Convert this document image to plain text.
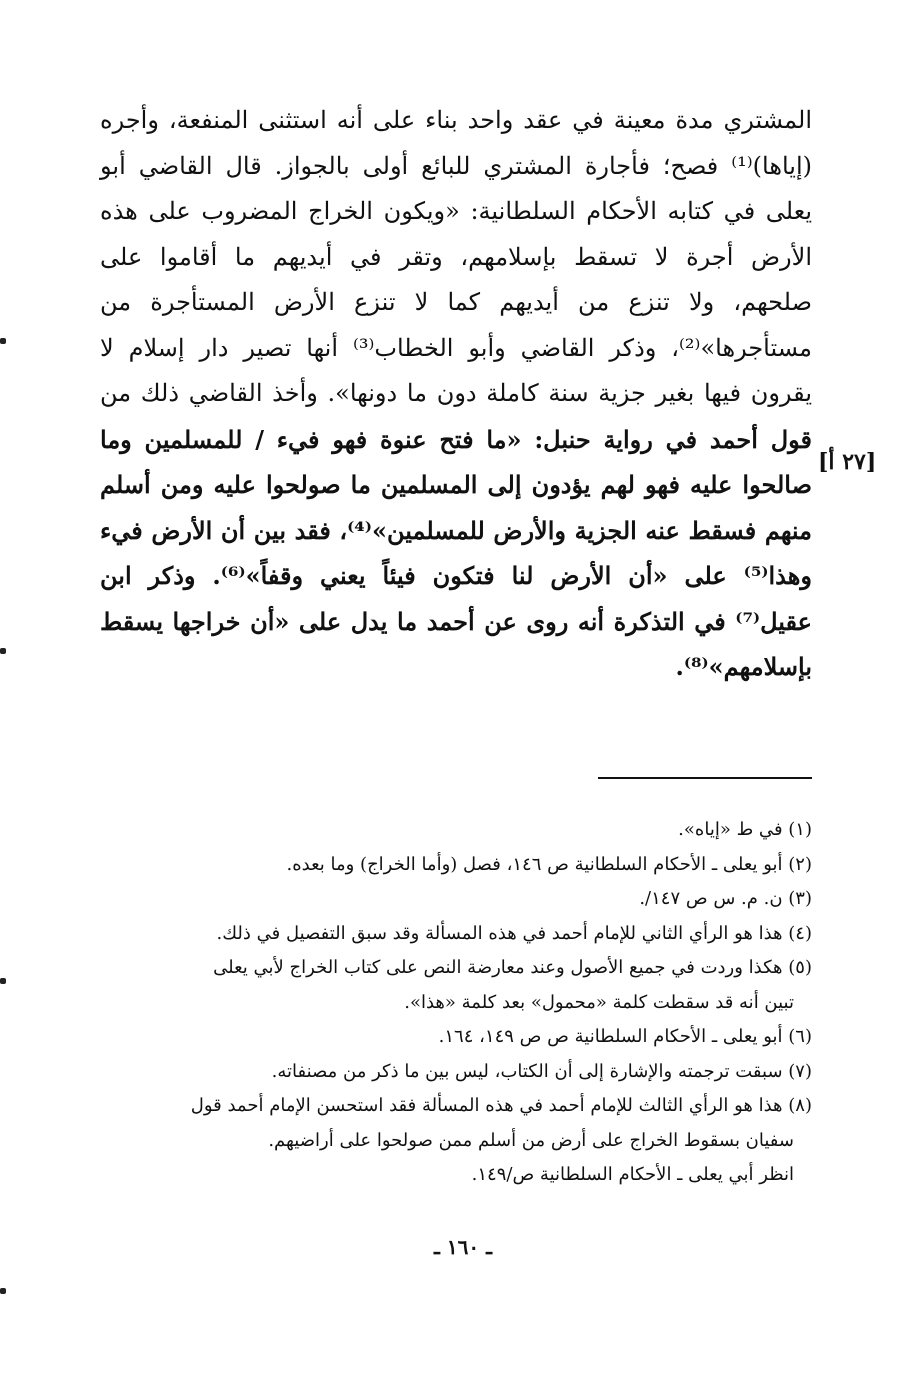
المشتري مدة معينة في عقد واحد بناء على أنه استثنى المنفعة، وأجره
(إياها)⁽¹⁾ فصح؛ فأجارة المشتري للبائع أولى بالجواز. قال القاضي أبو
يعلى في كتابه الأحكام السلطانية: «ويكون الخراج المضروب على هذه
الأرض أجرة لا تسقط بإسلامهم، وتقر في أيديهم ما أقاموا على
صلحهم، ولا تنزع من أيديهم كما لا تنزع الأرض المستأجرة من
مستأجرها»⁽²⁾، وذكر القاضي وأبو الخطاب⁽³⁾ أنها تصير دار إسلام لا
يقرون فيها بغير جزية سنة كاملة دون ما دونها». وأخذ القاضي ذلك من
قول أحمد في رواية حنبل: «ما فتح عنوة فهو فيء / للمسلمين وما
صالحوا عليه فهو لهم يؤدون إلى المسلمين ما صولحوا عليه ومن أسلم
منهم فسقط عنه الجزية والأرض للمسلمين»⁽⁴⁾، فقد بين أن الأرض فيء
وهذا⁽⁵⁾ على «أن الأرض لنا فتكون فيئاً يعني وقفاً»⁽⁶⁾. وذكر ابن
عقيل⁽⁷⁾ في التذكرة أنه روى عن أحمد ما يدل على «أن خراجها يسقط
بإسلامهم»⁽⁸⁾.
[٢٧ أ]
(١) في ط «إياه».
(٢) أبو يعلى ـ الأحكام السلطانية ص ١٤٦، فصل (وأما الخراج) وما بعده.
(٣) ن. م. س ص ١٤٧/.
(٤) هذا هو الرأي الثاني للإمام أحمد في هذه المسألة وقد سبق التفصيل في ذلك.
(٥) هكذا وردت في جميع الأصول وعند معارضة النص على كتاب الخراج لأبي يعلى
تبين أنه قد سقطت كلمة «محمول» بعد كلمة «هذا».
(٦) أبو يعلى ـ الأحكام السلطانية ص ص ١٤٩، ١٦٤.
(٧) سبقت ترجمته والإشارة إلى أن الكتاب، ليس بين ما ذكر من مصنفاته.
(٨) هذا هو الرأي الثالث للإمام أحمد في هذه المسألة فقد استحسن الإمام أحمد قول
سفيان بسقوط الخراج على أرض من أسلم ممن صولحوا على أراضيهم.
انظر أبي يعلى ـ الأحكام السلطانية ص/١٤٩.
ـ ١٦٠ ـ
